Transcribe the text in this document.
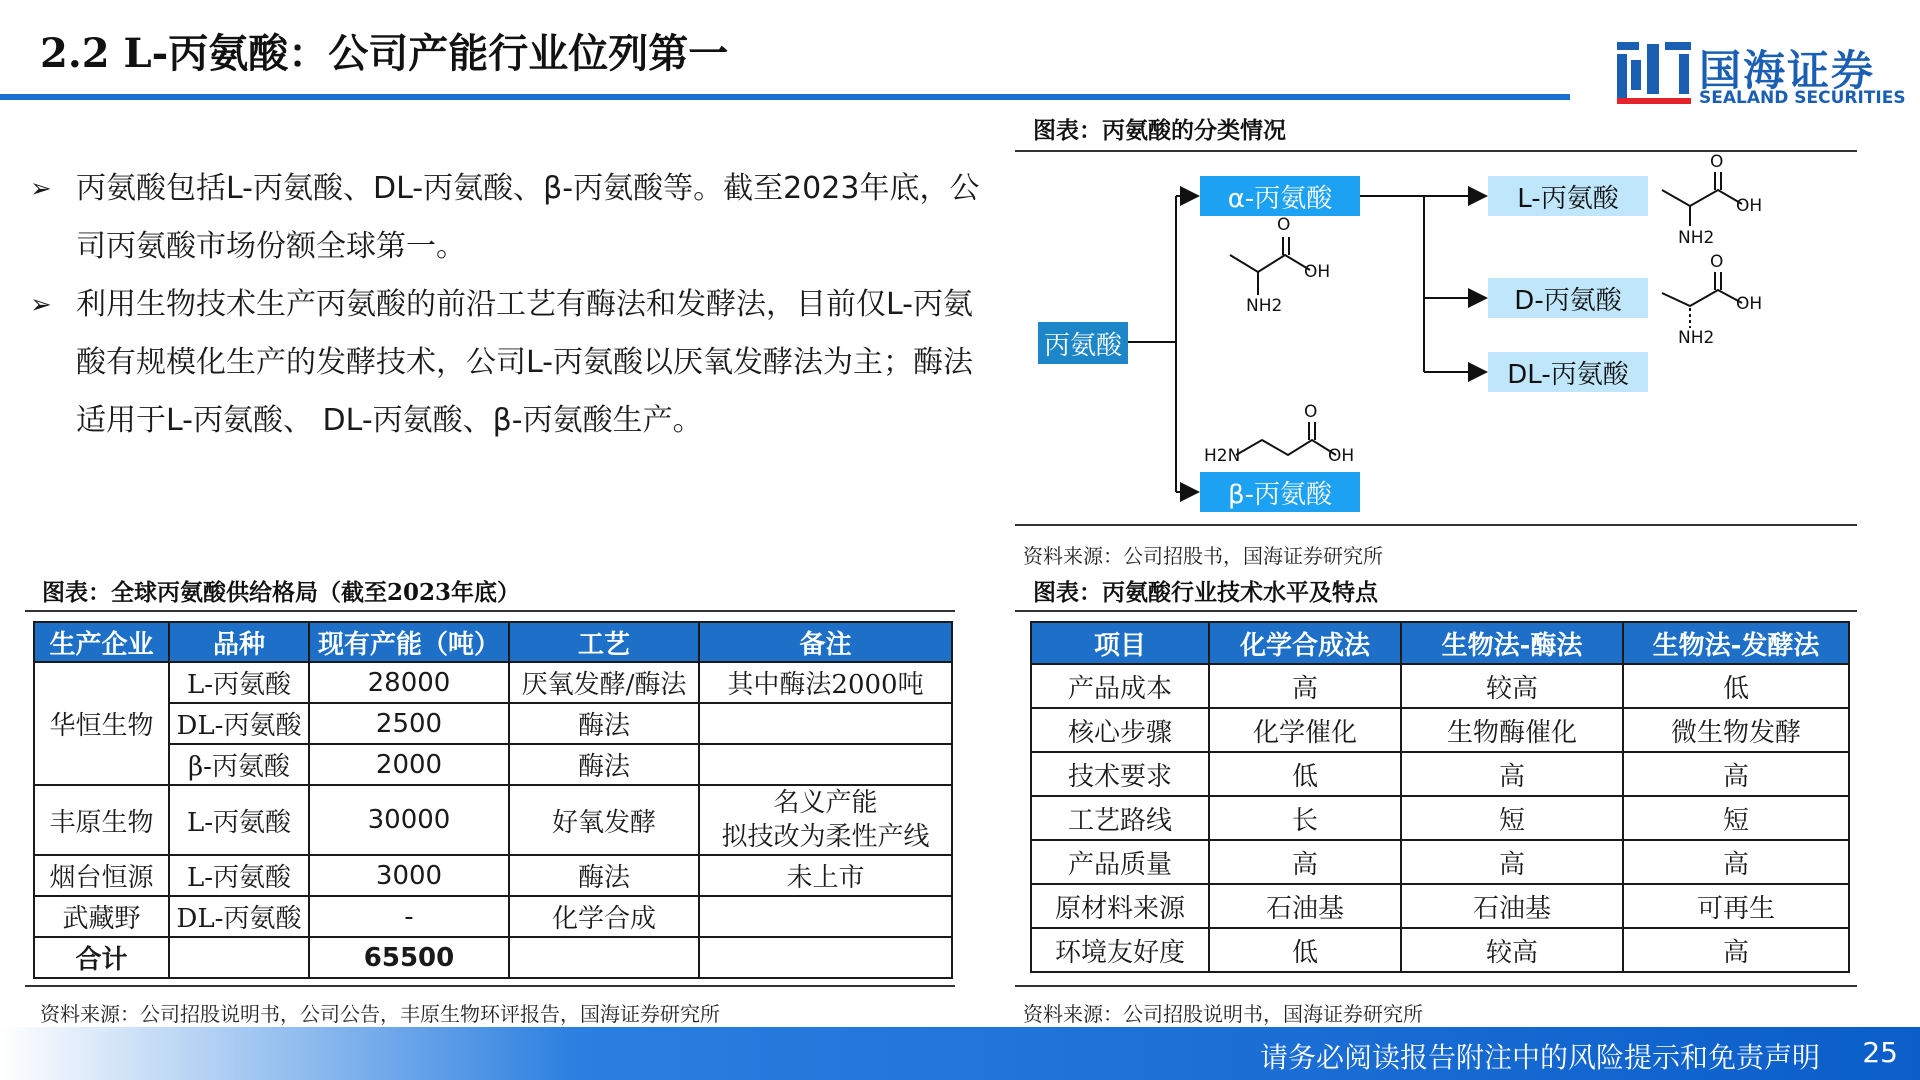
2.2 L-丙氨酸：公司产能行业位列第一	国海证券
SEALAND SECURITIES
➢ 丙氨酸包括L-丙氨酸、DL-丙氨酸、β-丙氨酸等。截至2023年底，公司丙氨酸市场份额全球第一。
➢ 利用生物技术生产丙氨酸的前沿工艺有酶法和发酵法，目前仅L-丙氨酸有规模化生产的发酵技术，公司L-丙氨酸以厌氧发酵法为主；酶法适用于L-丙氨酸、 DL-丙氨酸、β-丙氨酸生产。
图表：丙氨酸的分类情况
丙氨酸
α-丙氨酸
β-丙氨酸
L-丙氨酸
D-丙氨酸
DL-丙氨酸
O
OH
NH2
O
OH
NH2
O
OH
NH2
O
H2N	OH
资料来源：公司招股书，国海证券研究所
图表：全球丙氨酸供给格局（截至2023年底）
生产企业	品种	现有产能（吨）	工艺	备注
华恒生物	L-丙氨酸	28000	厌氧发酵/酶法	其中酶法2000吨
	DL-丙氨酸	2500	酶法	
	β-丙氨酸	2000	酶法	
丰原生物	L-丙氨酸	30000	好氧发酵	名义产能
拟技改为柔性产线

烟台恒源	L-丙氨酸	3000	酶法	未上市
武藏野	DL-丙氨酸	-	化学合成	
合计		65500		
资料来源：公司招股说明书，公司公告，丰原生物环评报告，国海证券研究所
图表：丙氨酸行业技术水平及特点
项目	化学合成法	生物法-酶法	生物法-发酵法
产品成本	高	较高	低
核心步骤	化学催化	生物酶催化	微生物发酵
技术要求	低	高	高
工艺路线	长	短	短
产品质量	高	高	高
原材料来源	石油基	石油基	可再生
环境友好度	低	较高	高
资料来源：公司招股说明书，国海证券研究所
请务必阅读报告附注中的风险提示和免责声明 25
